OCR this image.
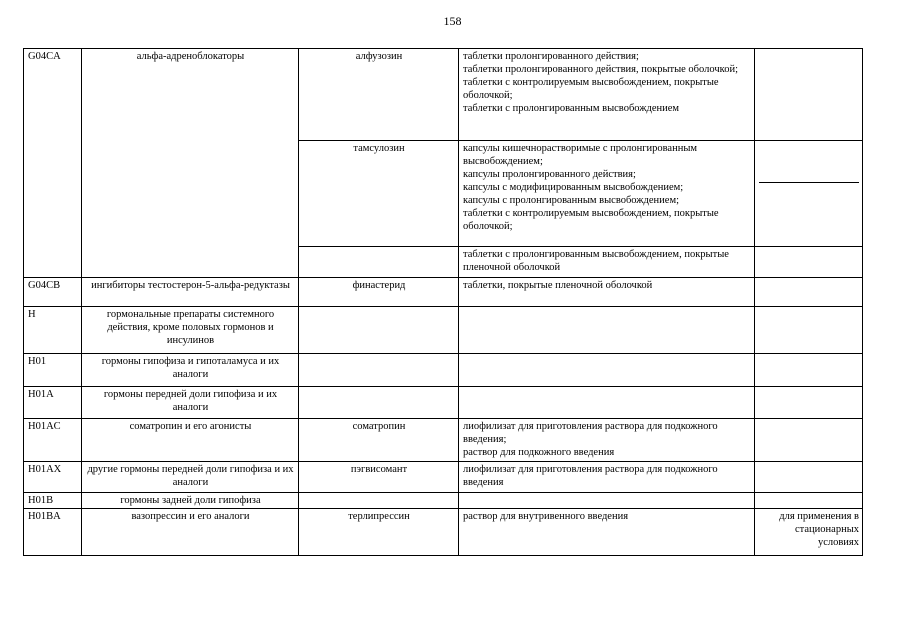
158
G04CA	альфа-адреноблокаторы	алфузозин	таблетки пролонгированного действия;
таблетки пролонгированного действия, покрытые оболочкой;
таблетки с контролируемым высвобождением, покрытые оболочкой;
таблетки с пролонгированным высвобождением	
		тамсулозин	капсулы кишечнорастворимые с пролонгированным высвобождением;
капсулы пролонгированного действия;
капсулы с модифицированным высвобождением;
капсулы с пролонгированным высвобождением;
таблетки с контролируемым высвобождением, покрытые оболочкой;	

			таблетки с пролонгированным высвобождением, покрытые пленочной оболочкой	
G04CB	ингибиторы тестостерон-5-альфа-редуктазы	финастерид	таблетки, покрытые пленочной оболочкой	
H	гормональные препараты системного действия, кроме половых гормонов и инсулинов			
H01	гормоны гипофиза и гипоталамуса и их аналоги			
H01A	гормоны передней доли гипофиза и их аналоги			
H01AC	соматропин и его агонисты	соматропин	лиофилизат для приготовления раствора для подкожного введения;
раствор для подкожного введения	
H01AX	другие гормоны передней доли гипофиза и их аналоги	пэгвисомант	лиофилизат для приготовления раствора для подкожного введения	
H01B	гормоны задней доли гипофиза			
H01BA	вазопрессин и его аналоги	терлипрессин	раствор для внутривенного введения	для применения в стационарных условиях
